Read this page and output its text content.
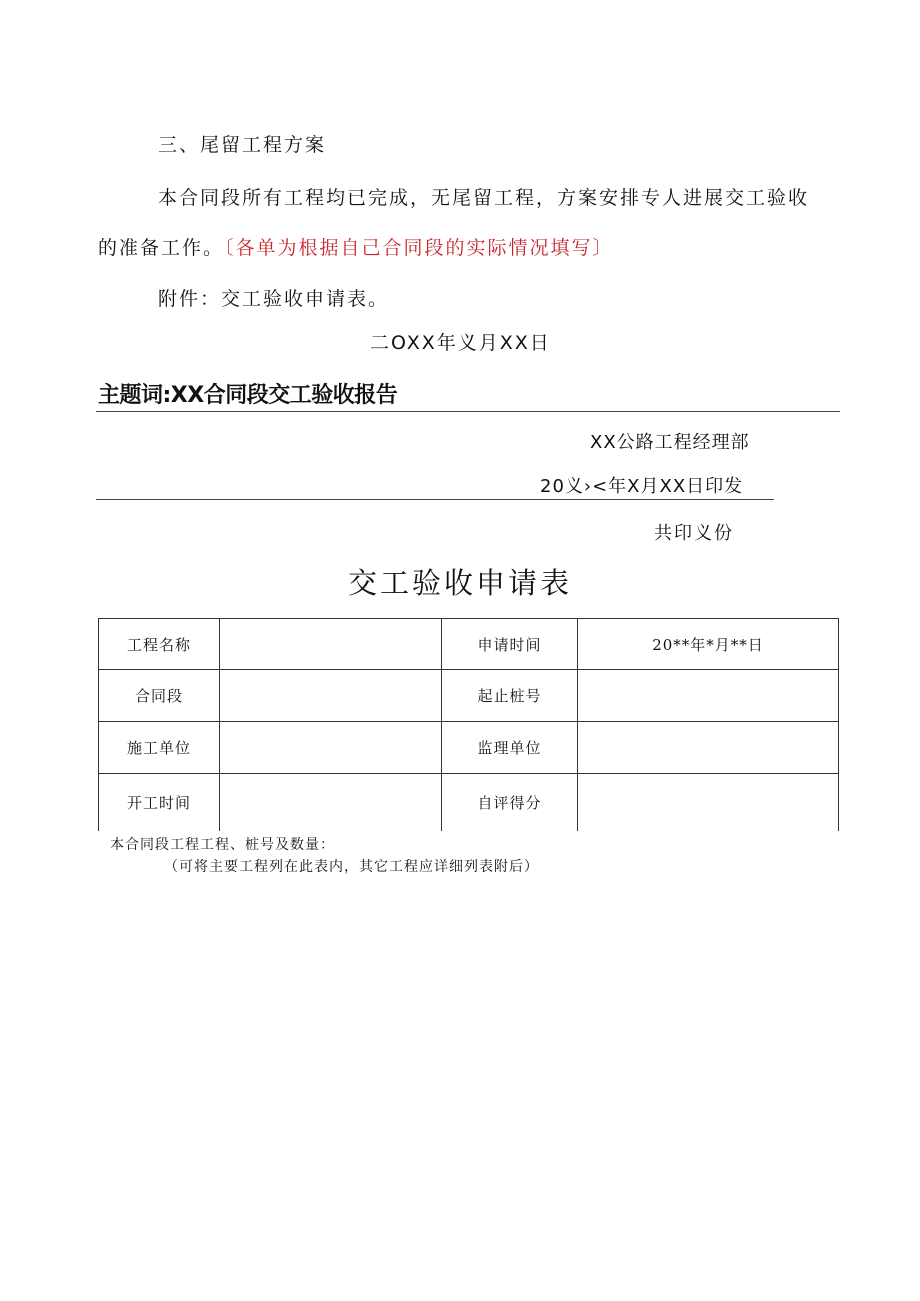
三、尾留工程方案
本合同段所有工程均已完成，无尾留工程，方案安排专人进展交工验收
的准备工作。〔各单为根据自己合同段的实际情况填写〕
附件：交工验收申请表。
二OXX年义月XX日
主题词:XX合同段交工验收报告
XX公路工程经理部
20义›<年X月XX日印发
共印义份
交工验收申请表
工程名称		申请时间	20**年*月**日
合同段		起止桩号	
施工单位		监理单位	
开工时间		自评得分	
本合同段工程工程、桩号及数量：
（可将主要工程列在此表内，其它工程应详细列表附后）
